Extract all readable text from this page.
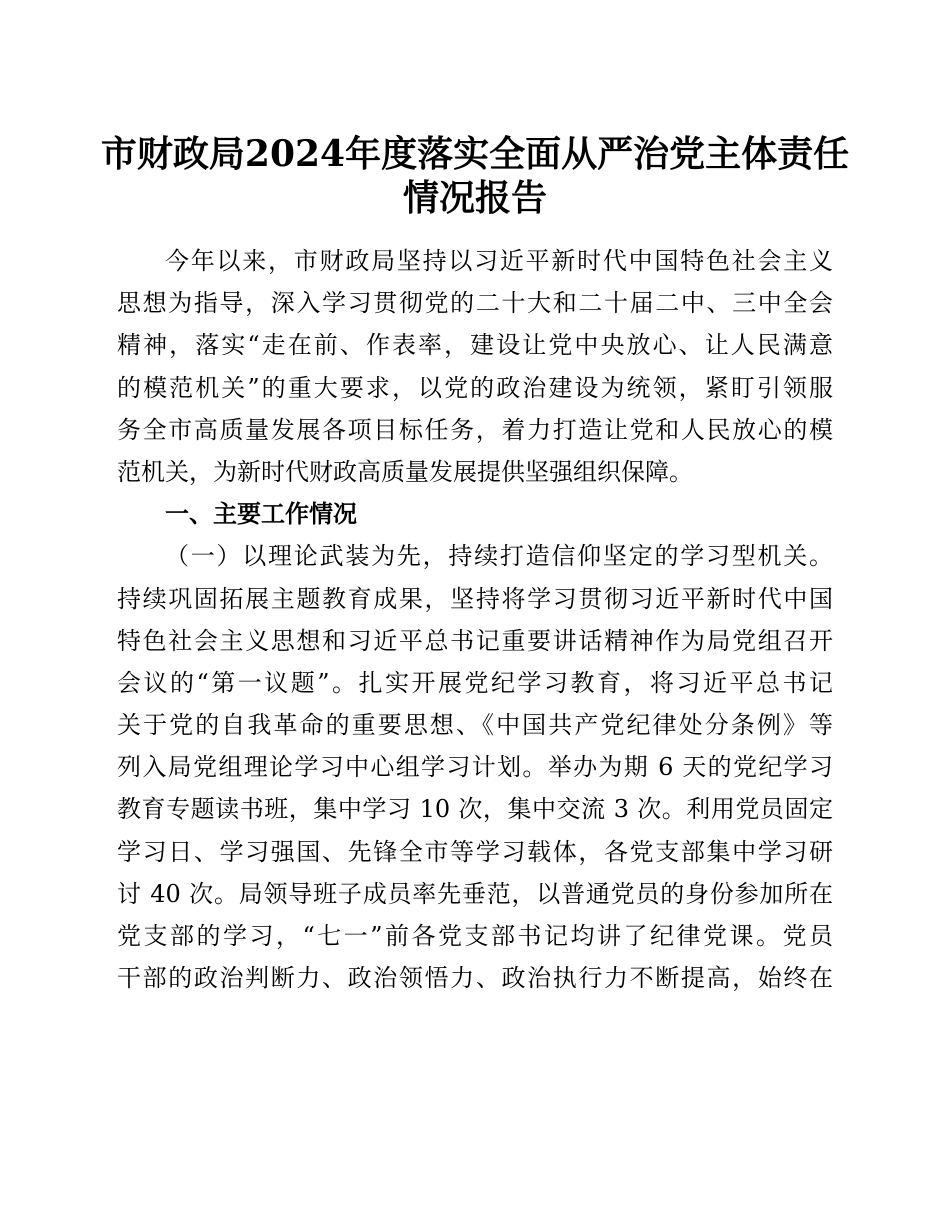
市财政局2024年度落实全面从严治党主体责任
情况报告
今年以来，市财政局坚持以习近平新时代中国特色社会主义
思想为指导，深入学习贯彻党的二十大和二十届二中、三中全会
精神，落实“走在前、作表率，建设让党中央放心、让人民满意
的模范机关”的重大要求，以党的政治建设为统领，紧盯引领服
务全市高质量发展各项目标任务，着力打造让党和人民放心的模
范机关，为新时代财政高质量发展提供坚强组织保障。
一、主要工作情况
（一）以理论武装为先，持续打造信仰坚定的学习型机关。
持续巩固拓展主题教育成果，坚持将学习贯彻习近平新时代中国
特色社会主义思想和习近平总书记重要讲话精神作为局党组召开
会议的“第一议题”。扎实开展党纪学习教育，将习近平总书记
关于党的自我革命的重要思想、《中国共产党纪律处分条例》等
列入局党组理论学习中心组学习计划。举办为期 6 天的党纪学习
教育专题读书班，集中学习 10 次，集中交流 3 次。利用党员固定
学习日、学习强国、先锋全市等学习载体，各党支部集中学习研
讨 40 次。局领导班子成员率先垂范，以普通党员的身份参加所在
党支部的学习，“七一”前各党支部书记均讲了纪律党课。党员
干部的政治判断力、政治领悟力、政治执行力不断提高，始终在
